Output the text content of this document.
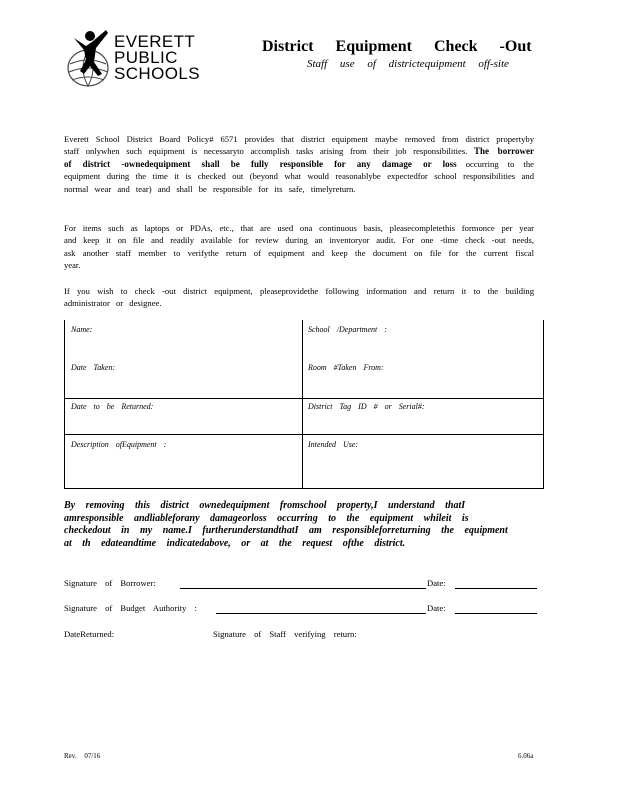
EVERETT
PUBLIC
SCHOOLS
District Equipment Check -Out
Staff use of districtequipment off-site
Everett School District Board Policy# 6571 provides that district equipment maybe removed from district propertyby staff onlywhen such equipment is necessaryto accomplish tasks arising from their job responsibilities. The borrower of district -ownedequipment shall be fully responsible for any damage or loss occurring to the equipment during the time it is checked out (beyond what would reasonablybe expectedfor school responsibilities and normal wear and tear) and shall be responsible for its safe, timelyreturn.
For items such as laptops or PDAs, etc., that are used ona continuous basis, pleasecompletethis formonce per year and keep it on file and readily available for review during an inventoryor audit. For one -time check -out needs, ask another staff member to verifythe return of equipment and keep the document on file for the current fiscal year.
If you wish to check -out district equipment, pleaseprovidethe following information and return it to the building administrator or designee.
Name:	School /Department :
Date Taken:	Room #Taken From:
Date to be Returned:	District Tag ID # or Serial#:
Description ofEquipment :	Intended Use:
By removing this district ownedequipment fromschool property,I understand thatI amresponsible andliableforany damageorloss occurring to the equipment whileit is checkedout in my name.I furtherunderstandthatI am responsibleforreturning the equipment at th edateandtime indicatedabove, or at the request ofthe district.
Signature of Borrower:	Date:
Signature of Budget Authority :	Date:
DateReturned:	Signature of Staff verifying return:
Rev. 07/16	6.06a
